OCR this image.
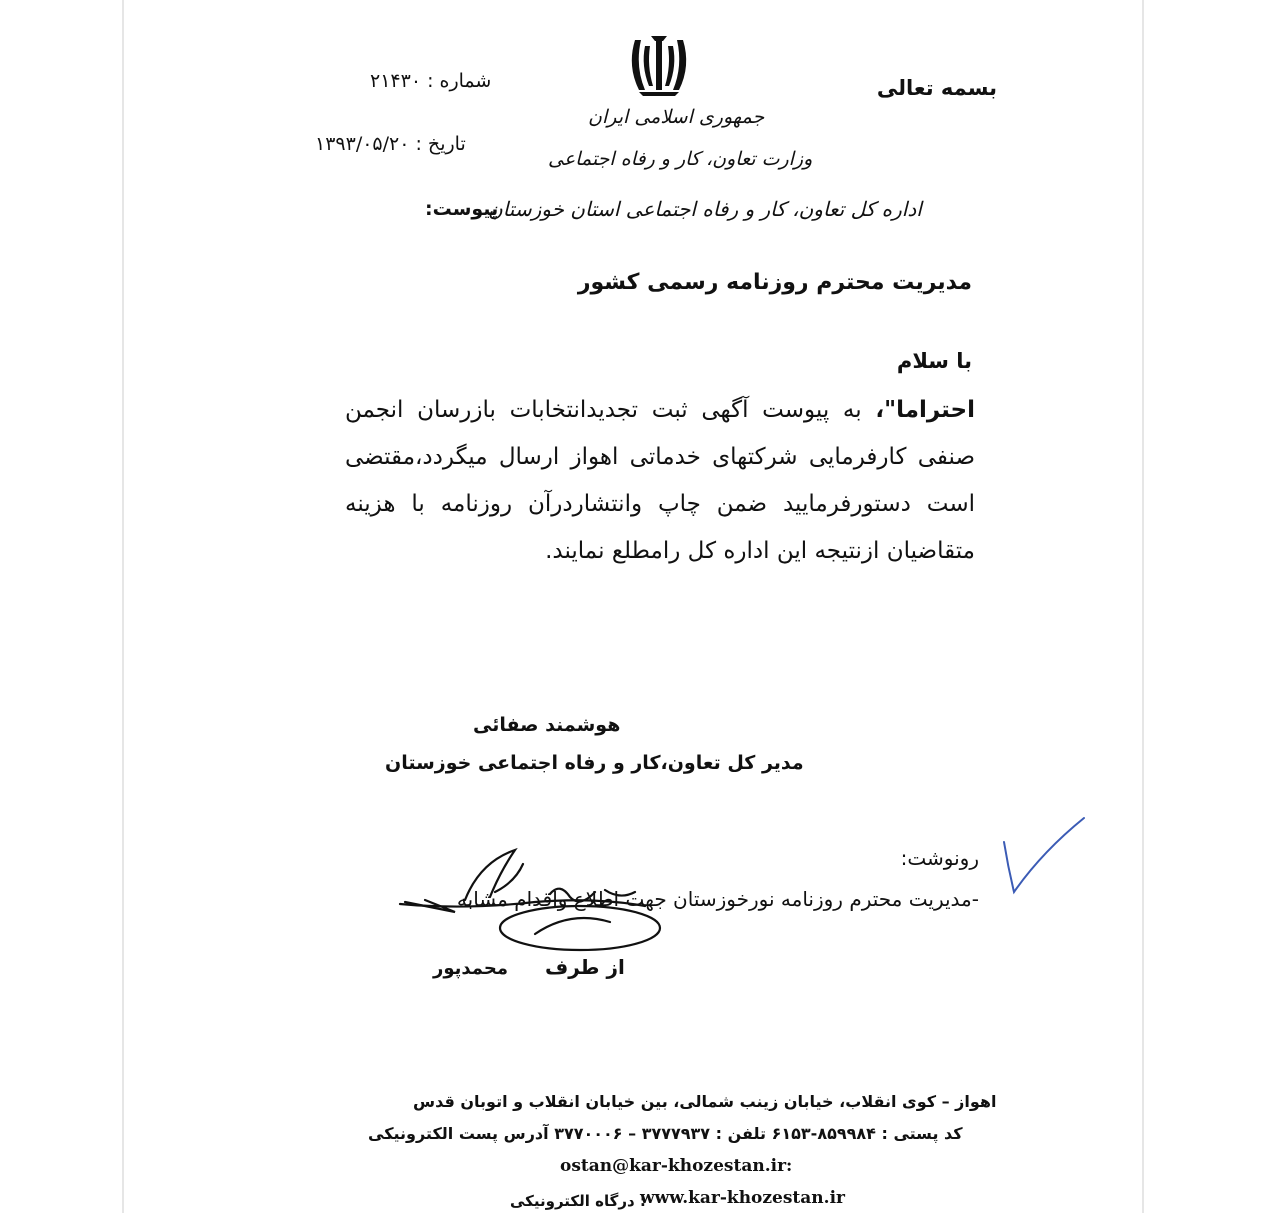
بسمه تعالی
جمهوری اسلامی ایران
وزارت تعاون، کار و رفاه اجتماعی
اداره کل تعاون، کار و رفاه اجتماعی استان خوزستان
شماره : ۲۱۴۳۰
تاریخ : ۱۳۹۳/۰۵/۲۰
پیوست:
مدیریت محترم روزنامه رسمی کشور
با سلام
احتراما"، به پیوست آگهی ثبت تجدیدانتخابات بازرسان انجمن صنفی کارفرمایی شرکتهای خدماتی اهواز ارسال میگردد،مقتضی است دستورفرمایید ضمن چاپ وانتشاردرآن روزنامه با هزینه متقاضیان ازنتیجه این اداره کل رامطلع نمایند.
هوشمند صفائی
مدیر کل تعاون،کار و رفاه اجتماعی خوزستان
رونوشت:
-مدیریت محترم روزنامه نورخوزستان جهت اطلاع واقدام مشابه
از طرف
محمدپور
اهواز – کوی انقلاب، خیابان زینب شمالی، بین خیابان انقلاب و اتوبان قدس
کد پستی : ۸۵۹۹۸۴-۶۱۵۳ تلفن : ۳۷۷۷۹۳۷ – ۳۷۷۰۰۰۶ آدرس پست الکترونیکی
ostan@kar-khozestan.ir:
www.kar-khozestan.ir
: درگاه الکترونیکی
